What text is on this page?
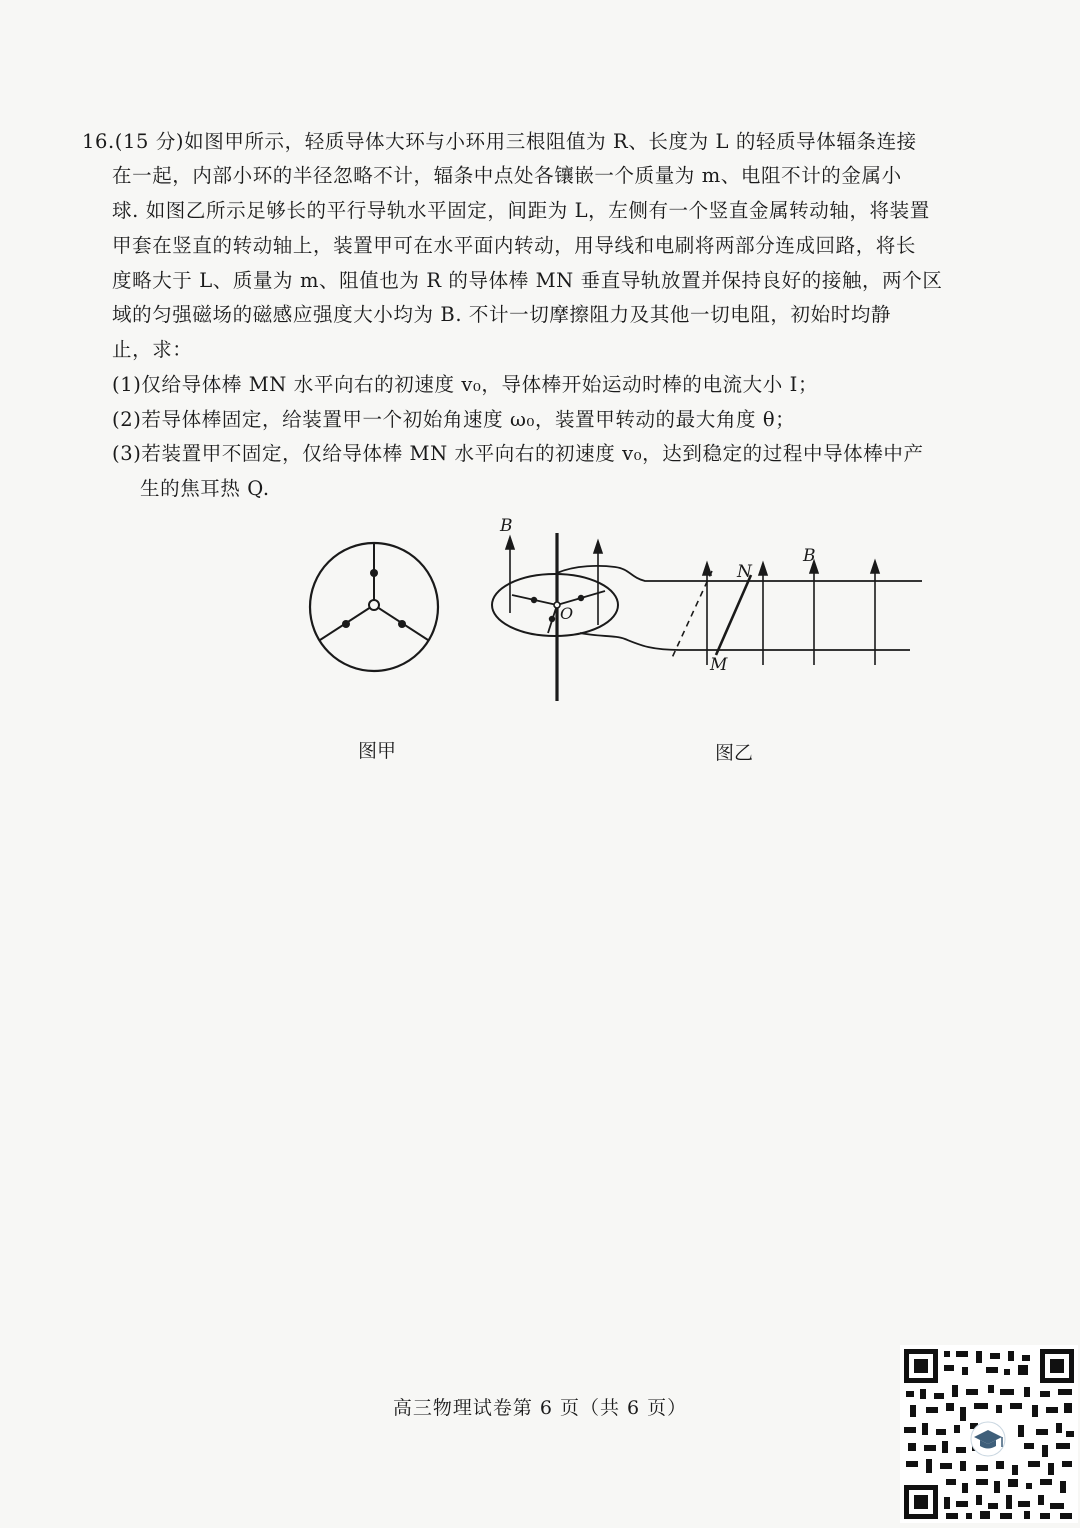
16.(15 分)如图甲所示，轻质导体大环与小环用三根阻值为 R、长度为 L 的轻质导体辐条连接
在一起，内部小环的半径忽略不计，辐条中点处各镶嵌一个质量为 m、电阻不计的金属小
球. 如图乙所示足够长的平行导轨水平固定，间距为 L，左侧有一个竖直金属转动轴，将装置
甲套在竖直的转动轴上，装置甲可在水平面内转动，用导线和电刷将两部分连成回路，将长
度略大于 L、质量为 m、阻值也为 R 的导体棒 MN 垂直导轨放置并保持良好的接触，两个区
域的匀强磁场的磁感应强度大小均为 B. 不计一切摩擦阻力及其他一切电阻，初始时均静
止，求：
(1)仅给导体棒 MN 水平向右的初速度 v₀，导体棒开始运动时棒的电流大小 I；
(2)若导体棒固定，给装置甲一个初始角速度 ω₀，装置甲转动的最大角度 θ；
(3)若装置甲不固定，仅给导体棒 MN 水平向右的初速度 v₀，达到稳定的过程中导体棒中产
生的焦耳热 Q.
图甲
B
O
B
N
M
图乙
高三物理试卷第 6 页（共 6 页）
